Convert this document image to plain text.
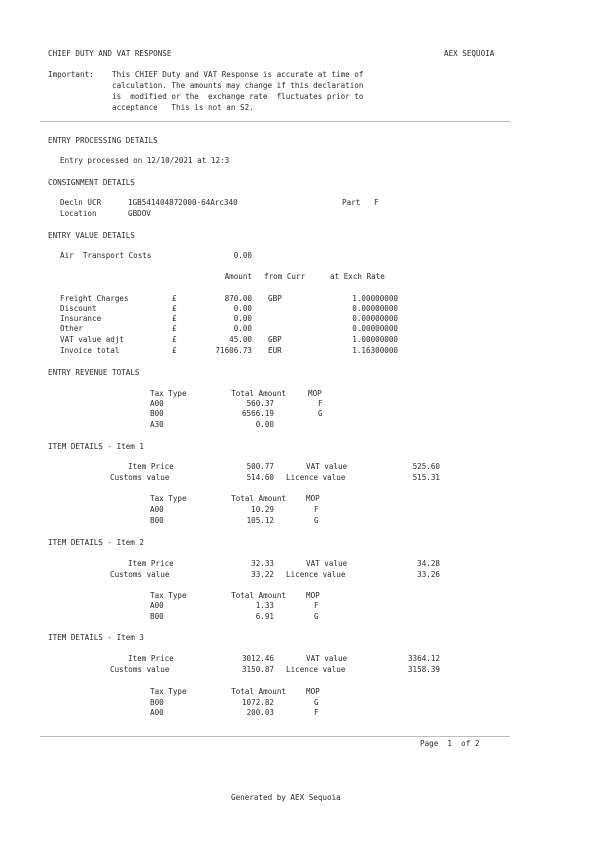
CHIEF DUTY AND VAT RESPONSE	AEX SEQUOIA
Important: This CHIEF Duty and VAT Response is accurate at time of
calculation. The amounts may change if this declaration
is  modified or the  exchange rate  fluctuates prior to
acceptance   This is not an S2.
ENTRY PROCESSING DETAILS
Entry processed on 12/10/2021 at 12:3
CONSIGNMENT DETAILS
Decln UCR	1GB541404872000-64Arc340	Part F
Location	GBDOV
ENTRY VALUE DETAILS
Air  Transport Costs	0.00
Amount from Curr	at Exch Rate
Freight Charges	£	870.00 GBP	1.00000000
Discount	£	0.00	0.00000000
Insurance	£	0.00	0.00000000
Other	£	0.00	0.00000000
VAT value adjt	£	45.00 GBP	1.00000000
Invoice total	£	71606.73 EUR	1.16300000
ENTRY REVENUE TOTALS
Tax Type	Total Amount	MOP
A00	560.37	F
B00	6566.19	G
A30	0.00
ITEM DETAILS - Item 1
Item Price	500.77	VAT value	525.60
Customs value	514.60 Licence value	515.31
Tax Type	Total Amount	MOP
A00	10.29	F
B00	105.12	G
ITEM DETAILS - Item 2
Item Price	32.33	VAT value	34.28
Customs value	33.22 Licence value	33.26
Tax Type	Total Amount	MOP
A00	1.33	F
B00	6.91	G
ITEM DETAILS - Item 3
Item Price	3012.46	VAT value	3364.12
Customs value	3150.87 Licence value	3158.39
Tax Type	Total Amount	MOP
B00	1072.82	G
A00	200.03	F
Page  1  of 2
Generated by AEX Sequoia
